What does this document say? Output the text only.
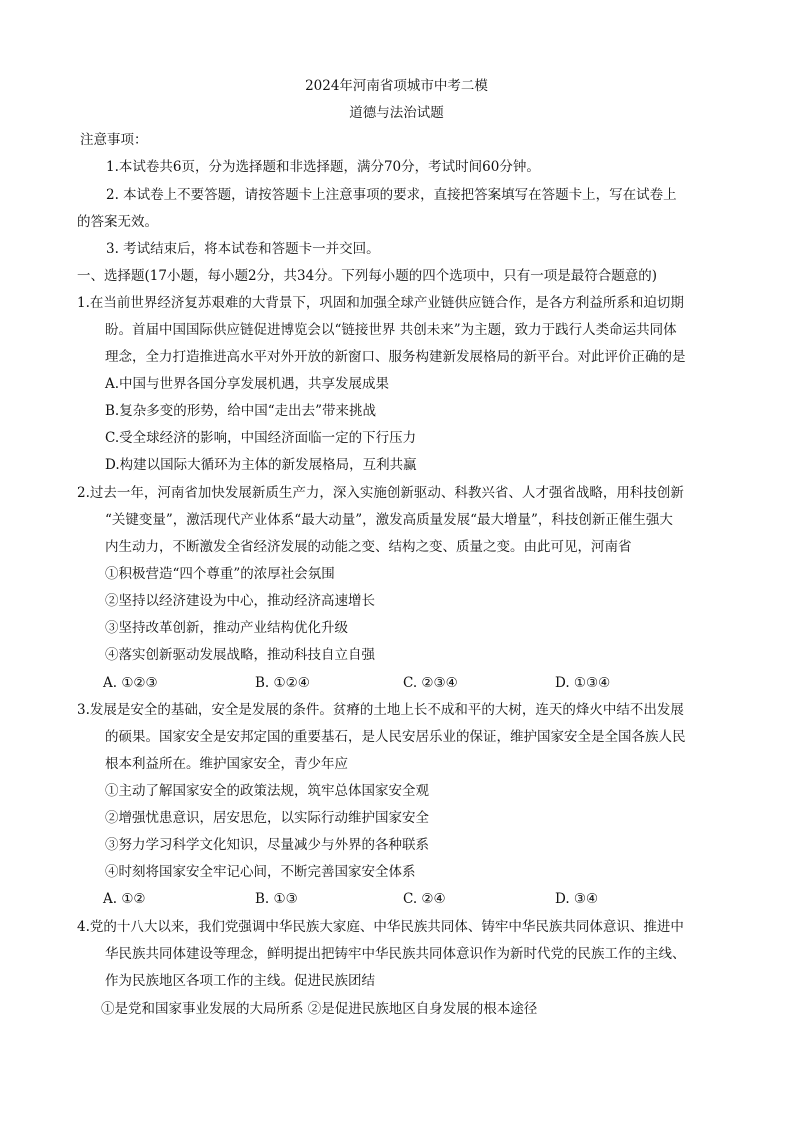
2024年河南省项城市中考二模
道德与法治试题
注意事项：
1.本试卷共6页，分为选择题和非选择题，满分70分，考试时间60分钟。
2. 本试卷上不要答题，请按答题卡上注意事项的要求，直接把答案填写在答题卡上，写在试卷上
的答案无效。
3. 考试结束后，将本试卷和答题卡一并交回。
一、选择题(17小题，每小题2分，共34分。下列每小题的四个选项中，只有一项是最符合题意的)
1.在当前世界经济复苏艰难的大背景下，巩固和加强全球产业链供应链合作，是各方利益所系和迫切期
盼。首届中国国际供应链促进博览会以“链接世界 共创未来”为主题，致力于践行人类命运共同体
理念，全力打造推进高水平对外开放的新窗口、服务构建新发展格局的新平台。对此评价正确的是
A.中国与世界各国分享发展机遇，共享发展成果
B.复杂多变的形势，给中国“走出去”带来挑战
C.受全球经济的影响，中国经济面临一定的下行压力
D.构建以国际大循环为主体的新发展格局，互利共赢
2.过去一年，河南省加快发展新质生产力，深入实施创新驱动、科教兴省、人才强省战略，用科技创新
“关键变量”，激活现代产业体系“最大动量”，激发高质量发展“最大增量”，科技创新正催生强大
内生动力，不断激发全省经济发展的动能之变、结构之变、质量之变。由此可见，河南省
①积极营造“四个尊重”的浓厚社会氛围
②坚持以经济建设为中心，推动经济高速增长
③坚持改革创新，推动产业结构优化升级
④落实创新驱动发展战略，推动科技自立自强
A. ①②③	B. ①②④	C. ②③④	D. ①③④
3.发展是安全的基础，安全是发展的条件。贫瘠的土地上长不成和平的大树，连天的烽火中结不出发展
的硕果。国家安全是安邦定国的重要基石，是人民安居乐业的保证，维护国家安全是全国各族人民
根本利益所在。维护国家安全，青少年应
①主动了解国家安全的政策法规，筑牢总体国家安全观
②增强忧患意识，居安思危，以实际行动维护国家安全
③努力学习科学文化知识，尽量减少与外界的各种联系
④时刻将国家安全牢记心间，不断完善国家安全体系
A. ①②	B. ①③	C. ②④	D. ③④
4.党的十八大以来，我们党强调中华民族大家庭、中华民族共同体、铸牢中华民族共同体意识、推进中
华民族共同体建设等理念，鲜明提出把铸牢中华民族共同体意识作为新时代党的民族工作的主线、
作为民族地区各项工作的主线。促进民族团结
①是党和国家事业发展的大局所系 ②是促进民族地区自身发展的根本途径
